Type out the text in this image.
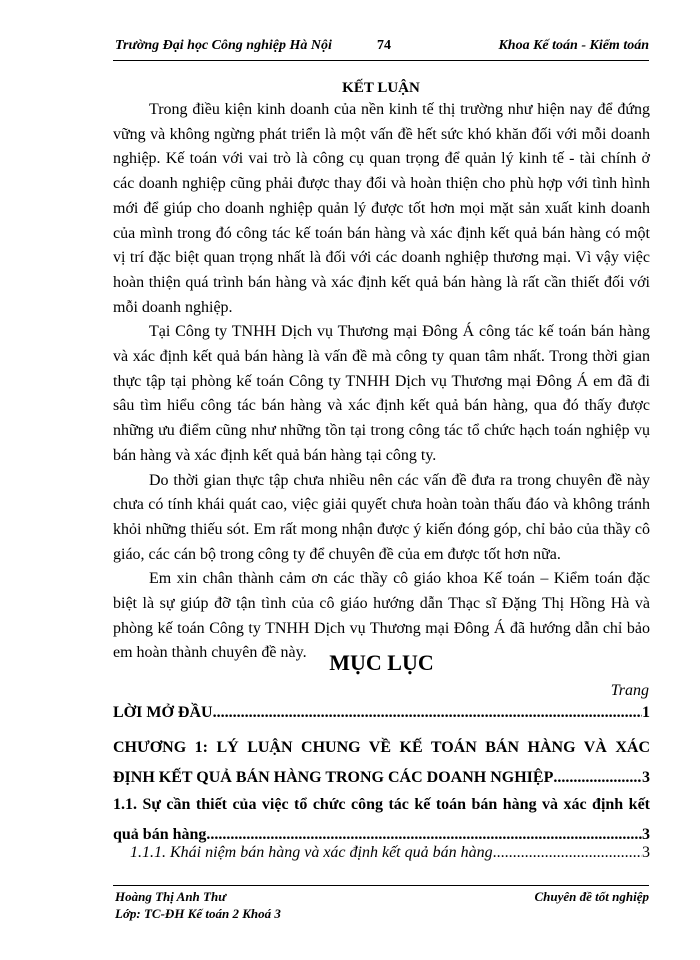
Trường Đại học Công nghiệp Hà Nội	74	Khoa Kế toán - Kiểm toán
KẾT LUẬN

Trong điều kiện kinh doanh của nền kinh tế thị trường như hiện nay để đứng vững và không ngừng phát triển là một vấn đề hết sức khó khăn đối với mỗi doanh nghiệp. Kế toán với vai trò là công cụ quan trọng để quản lý kinh tế - tài chính ở các doanh nghiệp cũng phải được thay đổi và hoàn thiện cho phù hợp với tình hình mới để giúp cho doanh nghiệp quản lý được tốt hơn mọi mặt sản xuất kinh doanh của mình trong đó công tác kế toán bán hàng và xác định kết quả bán hàng có một vị trí đặc biệt quan trọng nhất là đối với các doanh nghiệp thương mại. Vì vậy việc hoàn thiện quá trình bán hàng và xác định kết quả bán hàng là rất cần thiết đối với mỗi doanh nghiệp.

Tại Công ty TNHH Dịch vụ Thương mại Đông Á công tác kế toán bán hàng và xác định kết quả bán hàng là vấn đề mà công ty quan tâm nhất. Trong thời gian thực tập tại phòng kế toán Công ty TNHH Dịch vụ Thương mại Đông Á em đã đi sâu tìm hiểu công tác bán hàng và xác định kết quả bán hàng, qua đó thấy được những ưu điểm cũng như những tồn tại trong công tác tổ chức hạch toán nghiệp vụ bán hàng và xác định kết quả bán hàng tại công ty.

Do thời gian thực tập chưa nhiều nên các vấn đề đưa ra trong chuyên đề này chưa có tính khái quát cao, việc giải quyết chưa hoàn toàn thấu đáo và không tránh khỏi những thiếu sót. Em rất mong nhận được ý kiến đóng góp, chỉ bảo của thầy cô giáo, các cán bộ trong công ty để chuyên đề của em được tốt hơn nữa.

Em xin chân thành cảm ơn các thầy cô giáo khoa Kế toán – Kiểm toán đặc biệt là sự giúp đỡ tận tình của cô giáo hướng dẫn Thạc sĩ Đặng Thị Hồng Hà và phòng kế toán Công ty TNHH Dịch vụ Thương mại Đông Á đã hướng dẫn chỉ bảo em hoàn thành chuyên đề này.	MỤC LỤC
Trang
LỜI MỞ ĐẦU .....	1
CHƯƠNG 1: LÝ LUẬN CHUNG VỀ KẾ TOÁN BÁN HÀNG VÀ XÁC
ĐỊNH KẾT QUẢ BÁN HÀNG TRONG CÁC DOANH NGHIỆP .....	3
1.1. Sự cần thiết của việc tổ chức công tác kế toán bán hàng và xác định kết
quả bán hàng .....	3
1.1.1. Khái niệm bán hàng và xác định kết quả bán hàng .....	3
Hoàng Thị Anh Thư
Lớp: TC-ĐH Kế toán 2 Khoá 3
Chuyên đề tốt nghiệp
